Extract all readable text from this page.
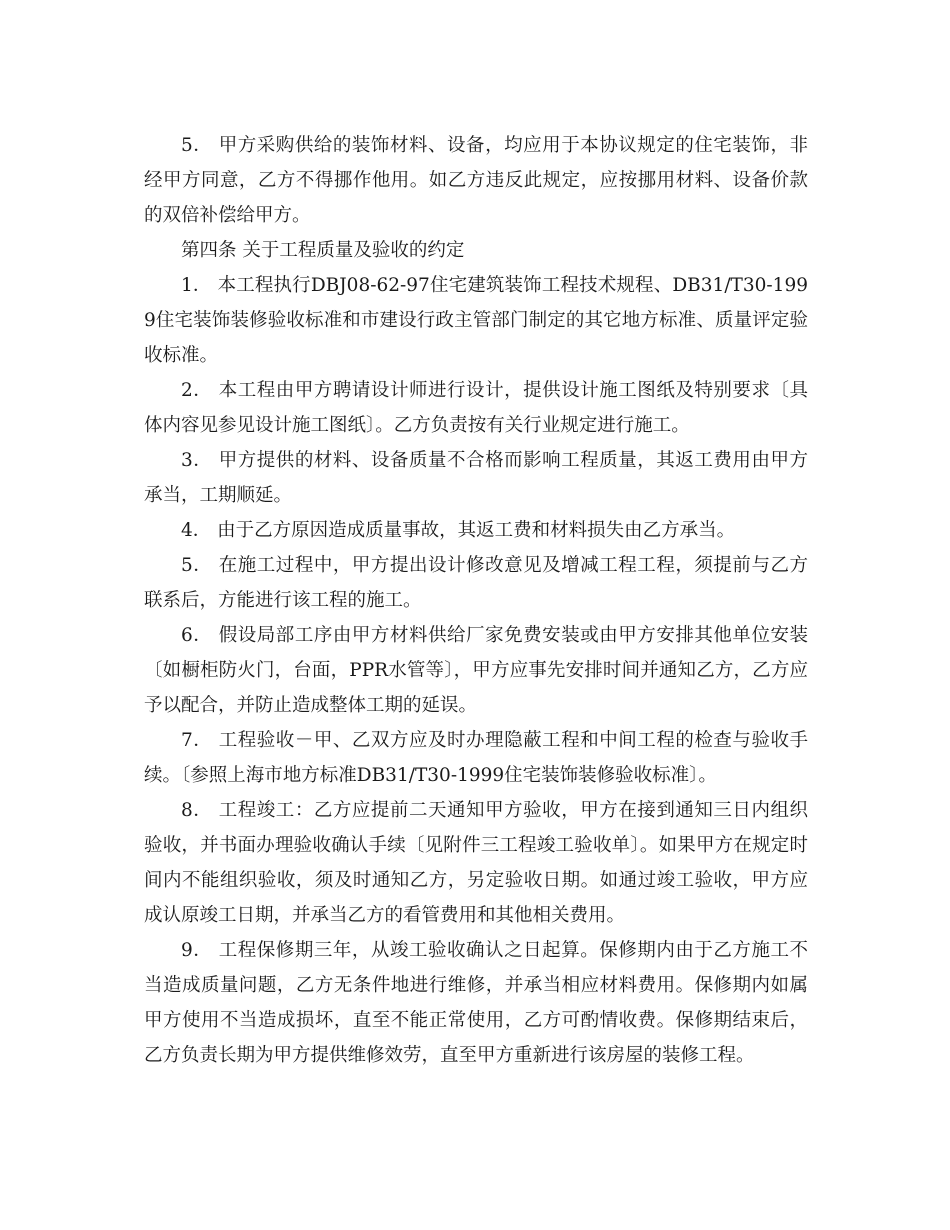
5． 甲方采购供给的装饰材料、设备，均应用于本协议规定的住宅装饰，非经甲方同意，乙方不得挪作他用。如乙方违反此规定，应按挪用材料、设备价款的双倍补偿给甲方。

第四条 关于工程质量及验收的约定

1． 本工程执行DBJ08-62-97住宅建筑装饰工程技术规程、DB31/T30-1999住宅装饰装修验收标准和市建设行政主管部门制定的其它地方标准、质量评定验收标准。

2． 本工程由甲方聘请设计师进行设计，提供设计施工图纸及特别要求〔具体内容见参见设计施工图纸〕。乙方负责按有关行业规定进行施工。

3． 甲方提供的材料、设备质量不合格而影响工程质量，其返工费用由甲方承当，工期顺延。

4． 由于乙方原因造成质量事故，其返工费和材料损失由乙方承当。

5． 在施工过程中，甲方提出设计修改意见及增减工程工程，须提前与乙方联系后，方能进行该工程的施工。

6． 假设局部工序由甲方材料供给厂家免费安装或由甲方安排其他单位安装〔如橱柜防火门，台面，PPR水管等〕，甲方应事先安排时间并通知乙方，乙方应予以配合，并防止造成整体工期的延误。

7． 工程验收－甲、乙双方应及时办理隐蔽工程和中间工程的检查与验收手续。〔参照上海市地方标准DB31/T30-1999住宅装饰装修验收标准〕。

8． 工程竣工：乙方应提前二天通知甲方验收，甲方在接到通知三日内组织验收，并书面办理验收确认手续〔见附件三工程竣工验收单〕。如果甲方在规定时间内不能组织验收，须及时通知乙方，另定验收日期。如通过竣工验收，甲方应成认原竣工日期，并承当乙方的看管费用和其他相关费用。

9． 工程保修期三年，从竣工验收确认之日起算。保修期内由于乙方施工不当造成质量问题，乙方无条件地进行维修，并承当相应材料费用。保修期内如属甲方使用不当造成损坏，直至不能正常使用，乙方可酌情收费。保修期结束后，乙方负责长期为甲方提供维修效劳，直至甲方重新进行该房屋的装修工程。
